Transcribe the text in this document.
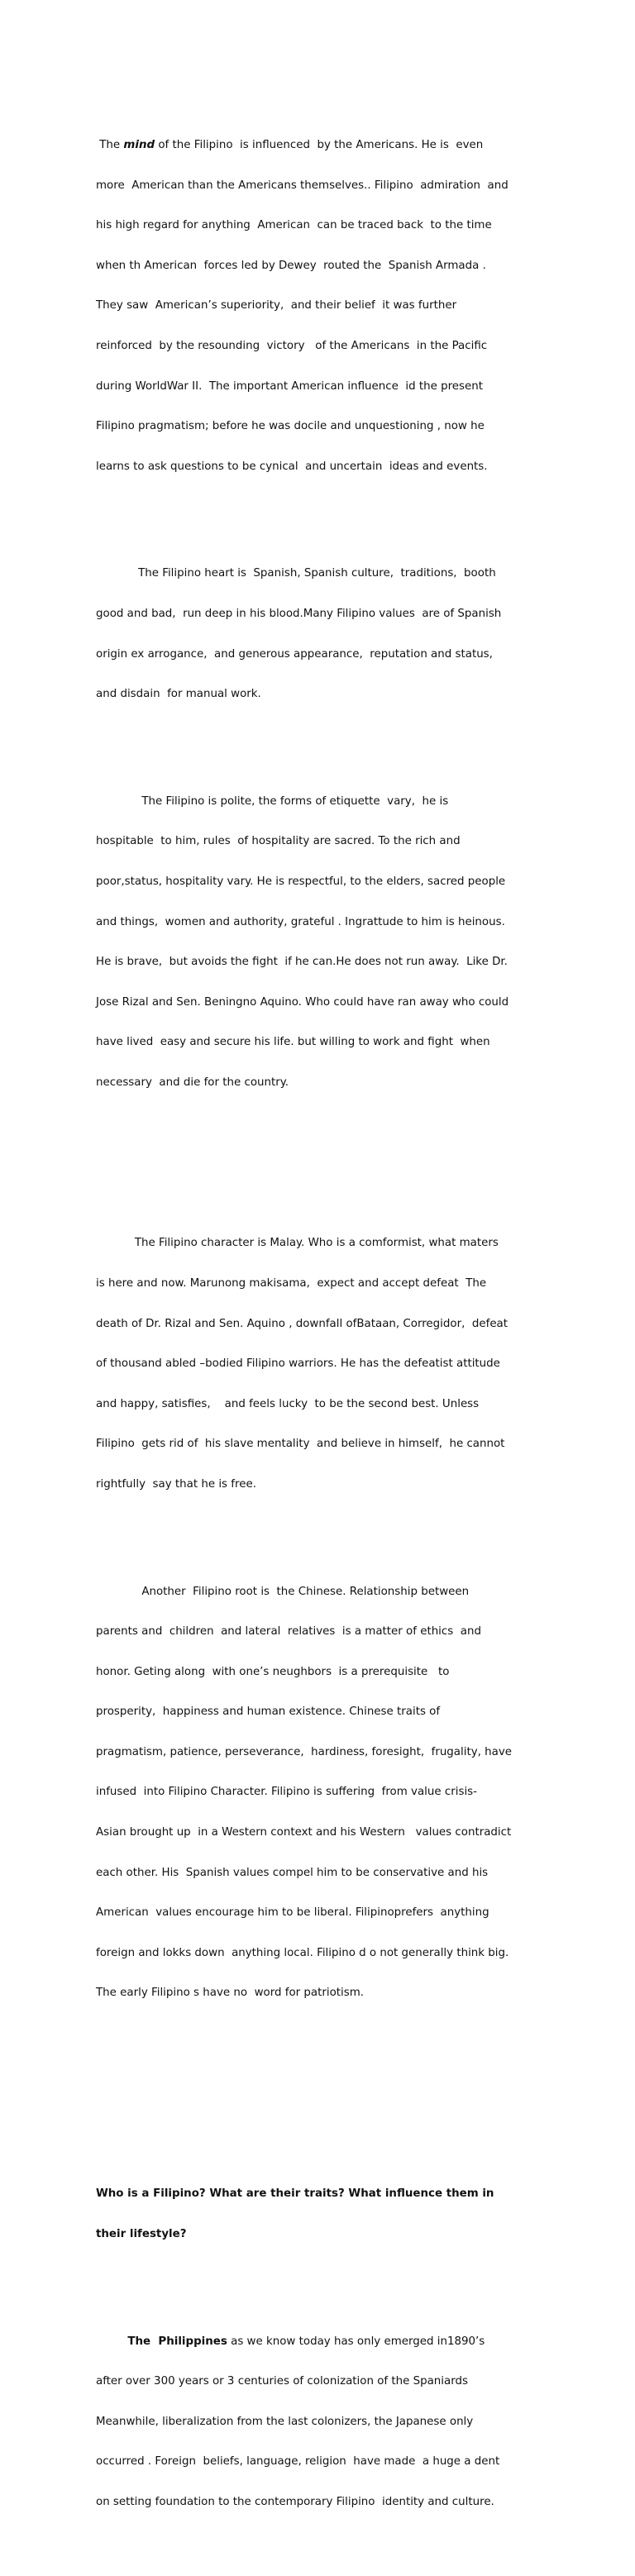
The mind of the Filipino  is influenced  by the Americans. He is  even

more  American than the Americans themselves.. Filipino  admiration  and

his high regard for anything  American  can be traced back  to the time

when th American  forces led by Dewey  routed the  Spanish Armada .

They saw  American’s superiority,  and their belief  it was further

reinforced  by the resounding  victory   of the Americans  in the Pacific

during WorldWar II.  The important American influence  id the present

Filipino pragmatism; before he was docile and unquestioning , now he

learns to ask questions to be cynical  and uncertain  ideas and events.

The Filipino heart is  Spanish, Spanish culture,  traditions,  booth

good and bad,  run deep in his blood.Many Filipino values  are of Spanish

origin ex arrogance,  and generous appearance,  reputation and status,

and disdain  for manual work.

The Filipino is polite, the forms of etiquette  vary,  he is

hospitable  to him, rules  of hospitality are sacred. To the rich and

poor,status, hospitality vary. He is respectful, to the elders, sacred people

and things,  women and authority, grateful . Ingrattude to him is heinous.

He is brave,  but avoids the fight  if he can.He does not run away.  Like Dr.

Jose Rizal and Sen. Beningno Aquino. Who could have ran away who could

have lived  easy and secure his life. but willing to work and fight  when

necessary  and die for the country.

The Filipino character is Malay. Who is a comformist, what maters

is here and now. Marunong makisama,  expect and accept defeat  The

death of Dr. Rizal and Sen. Aquino , downfall ofBataan, Corregidor,  defeat

of thousand abled –bodied Filipino warriors. He has the defeatist attitude

and happy, satisfies,    and feels lucky  to be the second best. Unless

Filipino  gets rid of  his slave mentality  and believe in himself,  he cannot

rightfully  say that he is free.

Another  Filipino root is  the Chinese. Relationship between

parents and  children  and lateral  relatives  is a matter of ethics  and

honor. Geting along  with one’s neughbors  is a prerequisite   to

prosperity,  happiness and human existence. Chinese traits of

pragmatism, patience, perseverance,  hardiness, foresight,  frugality, have

infused  into Filipino Character. Filipino is suffering  from value crisis-

Asian brought up  in a Western context and his Western   values contradict

each other. His  Spanish values compel him to be conservative and his

American  values encourage him to be liberal. Filipinoprefers  anything

foreign and lokks down  anything local. Filipino d o not generally think big.

The early Filipino s have no  word for patriotism.

Who is a Filipino? What are their traits? What influence them in

their lifestyle?

The  Philippines as we know today has only emerged in1890’s

after over 300 years or 3 centuries of colonization of the Spaniards

Meanwhile, liberalization from the last colonizers, the Japanese only

occurred . Foreign  beliefs, language, religion  have made  a huge a dent

on setting foundation to the contemporary Filipino  identity and culture.
